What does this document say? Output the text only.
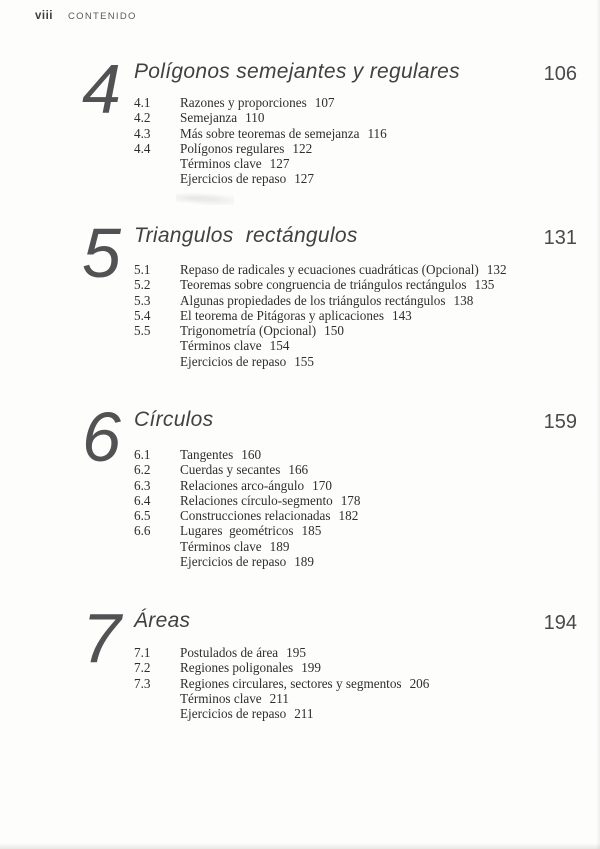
viii CONTENIDO
4 Polígonos semejantes y regulares	106
4.1	Razones y proporciones 107
4.2	Semejanza 110
4.3	Más sobre teoremas de semejanza 116
4.4	Polígonos regulares 122
Términos clave 127
Ejercicios de repaso 127
5 Triangulos  rectángulos	131
5.1	Repaso de radicales y ecuaciones cuadráticas (Opcional) 132
5.2	Teoremas sobre congruencia de triángulos rectángulos 135
5.3	Algunas propiedades de los triángulos rectángulos 138
5.4	El teorema de Pitágoras y aplicaciones 143
5.5	Trigonometría (Opcional) 150
Términos clave 154
Ejercicios de repaso 155
6 Círculos	159
6.1	Tangentes 160
6.2	Cuerdas y secantes 166
6.3	Relaciones arco-ángulo 170
6.4	Relaciones círculo-segmento 178
6.5	Construcciones relacionadas 182
6.6	Lugares  geométricos 185
Términos clave 189
Ejercicios de repaso 189
7 Áreas	194
7.1	Postulados de área 195
7.2	Regiones poligonales 199
7.3	Regiones circulares, sectores y segmentos 206
Términos clave 211
Ejercicios de repaso 211
